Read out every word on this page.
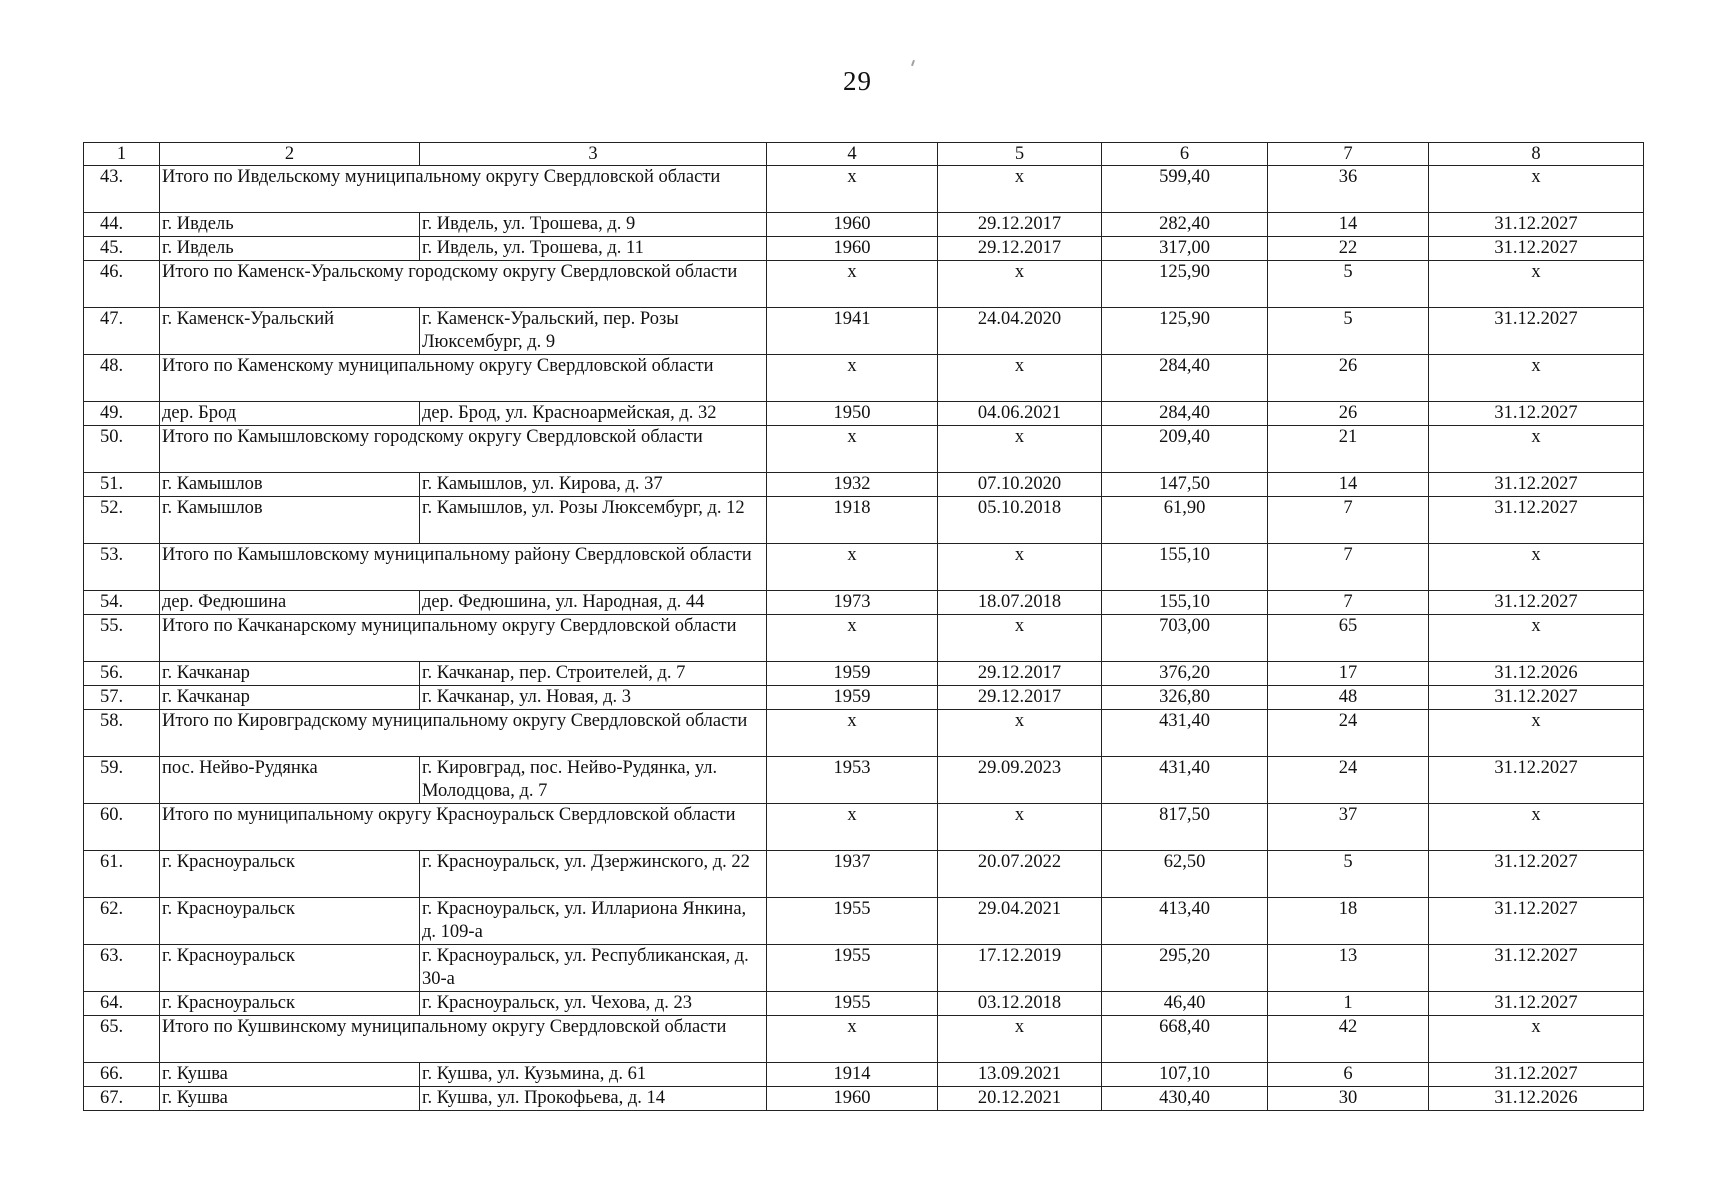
29
1	2	3	4	5	6	7	8
43.	Итого по Ивдельскому муниципальному округу Свердловской области		х	х	599,40	36	х
44.	г. Ивдель	г. Ивдель, ул. Трошева, д. 9	1960	29.12.2017	282,40	14	31.12.2027
45.	г. Ивдель	г. Ивдель, ул. Трошева, д. 11	1960	29.12.2017	317,00	22	31.12.2027
46.	Итого по Каменск-Уральскому городскому округу Свердловской области		х	х	125,90	5	х
47.	г. Каменск-Уральский	г. Каменск-Уральский, пер. Розы Люксембург, д. 9	1941	24.04.2020	125,90	5	31.12.2027
48.	Итого по Каменскому муниципальному округу Свердловской области		х	х	284,40	26	х
49.	дер. Брод	дер. Брод, ул. Красноармейская, д. 32	1950	04.06.2021	284,40	26	31.12.2027
50.	Итого по Камышловскому городскому округу Свердловской области		х	х	209,40	21	х
51.	г. Камышлов	г. Камышлов, ул. Кирова, д. 37	1932	07.10.2020	147,50	14	31.12.2027
52.	г. Камышлов	г. Камышлов, ул. Розы Люксембург, д. 12	1918	05.10.2018	61,90	7	31.12.2027
53.	Итого по Камышловскому муниципальному району Свердловской области		х	х	155,10	7	х
54.	дер. Федюшина	дер. Федюшина, ул. Народная, д. 44	1973	18.07.2018	155,10	7	31.12.2027
55.	Итого по Качканарскому муниципальному округу Свердловской области		х	х	703,00	65	х
56.	г. Качканар	г. Качканар, пер. Строителей, д. 7	1959	29.12.2017	376,20	17	31.12.2026
57.	г. Качканар	г. Качканар, ул. Новая, д. 3	1959	29.12.2017	326,80	48	31.12.2027
58.	Итого по Кировградскому муниципальному округу Свердловской области		х	х	431,40	24	х
59.	пос. Нейво-Рудянка	г. Кировград, пос. Нейво-Рудянка, ул. Молодцова, д. 7	1953	29.09.2023	431,40	24	31.12.2027
60.	Итого по муниципальному округу Красноуральск Свердловской области		х	х	817,50	37	х
61.	г. Красноуральск	г. Красноуральск, ул. Дзержинского, д. 22	1937	20.07.2022	62,50	5	31.12.2027
62.	г. Красноуральск	г. Красноуральск, ул. Иллариона Янкина, д. 109-а	1955	29.04.2021	413,40	18	31.12.2027
63.	г. Красноуральск	г. Красноуральск, ул. Республиканская, д. 30-а	1955	17.12.2019	295,20	13	31.12.2027
64.	г. Красноуральск	г. Красноуральск, ул. Чехова, д. 23	1955	03.12.2018	46,40	1	31.12.2027
65.	Итого по Кушвинскому муниципальному округу Свердловской области		х	х	668,40	42	х
66.	г. Кушва	г. Кушва, ул. Кузьмина, д. 61	1914	13.09.2021	107,10	6	31.12.2027
67.	г. Кушва	г. Кушва, ул. Прокофьева, д. 14	1960	20.12.2021	430,40	30	31.12.2026
